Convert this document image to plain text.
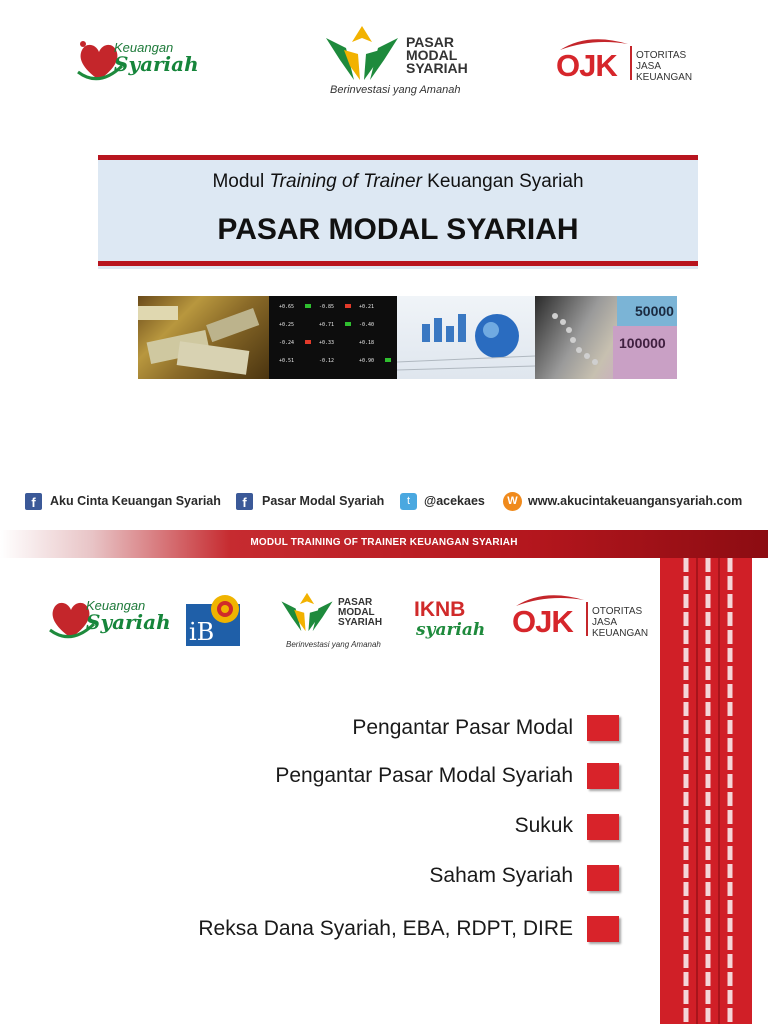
Keuangan
Syariah
PASAR
MODAL
SYARIAH
Berinvestasi yang Amanah
OJK OTORITAS
JASA
KEUANGAN
Modul Training of Trainer Keuangan Syariah
PASAR MODAL SYARIAH
+0.65	-0.85	+0.21
+0.25	+0.71	-0.40
-0.24	+0.33	+0.18
+0.51	-0.12	+0.90
50000
100000
f	Aku Cinta Keuangan Syariah	f	Pasar Modal Syariah	t	@acekaes	W www.akucintakeuangansyariah.com
MODUL TRAINING OF TRAINER KEUANGAN SYARIAH
Keuangan
Syariah iB
PASAR
MODAL
SYARIAH
Berinvestasi yang Amanah
IKNB
syariah OJK OTORITAS
JASA
KEUANGAN
Pengantar Pasar Modal
Pengantar Pasar Modal Syariah
Sukuk
Saham Syariah
Reksa Dana Syariah, EBA, RDPT, DIRE
